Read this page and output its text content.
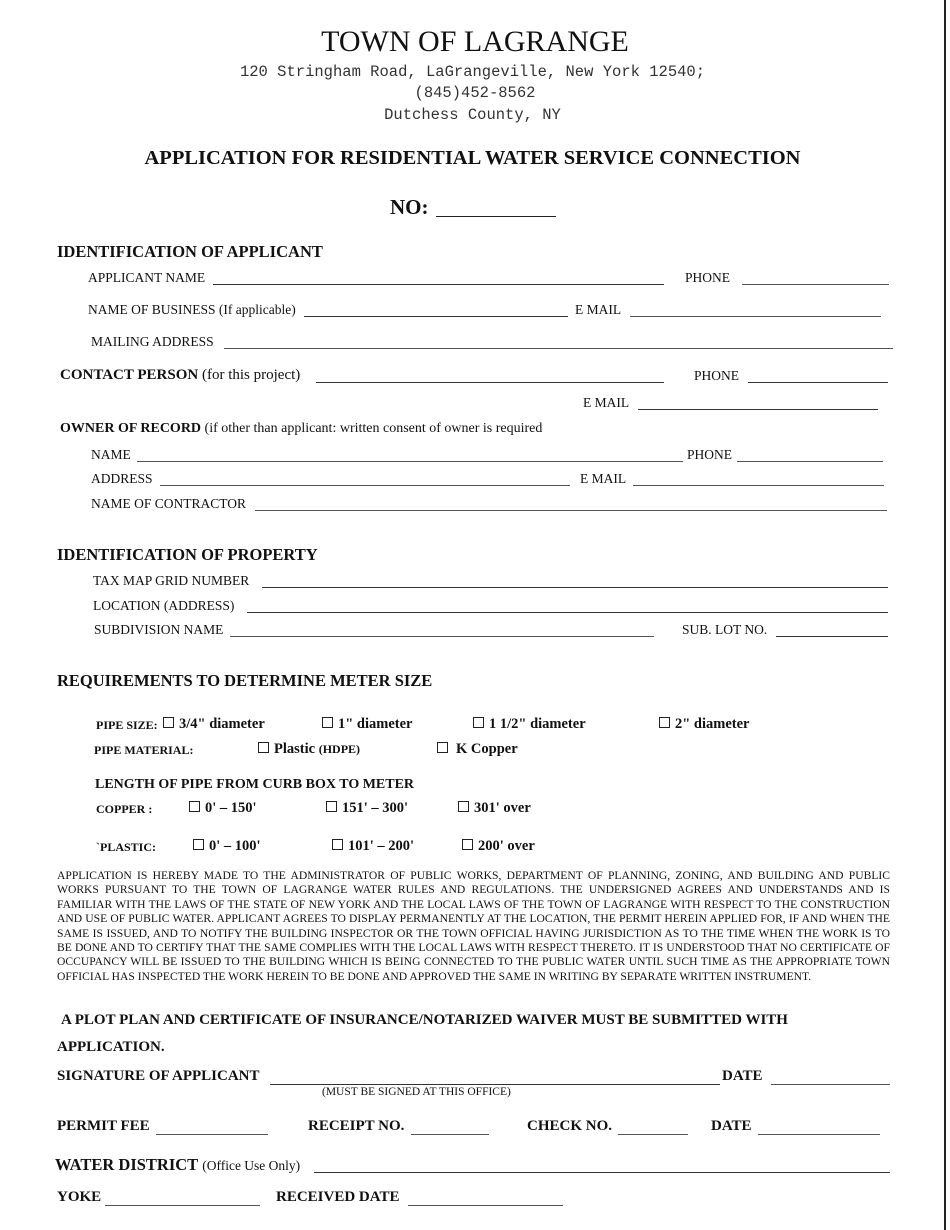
TOWN OF LAGRANGE
120 Stringham Road, LaGrangeville, New York 12540;
(845)452-8562
Dutchess County, NY
APPLICATION FOR RESIDENTIAL WATER SERVICE CONNECTION
NO:
IDENTIFICATION OF APPLICANT
APPLICANT NAME	PHONE
NAME OF BUSINESS (If applicable)	E MAIL
MAILING ADDRESS
CONTACT PERSON (for this project)	PHONE
E MAIL
OWNER OF RECORD (if other than applicant: written consent of owner is required
NAME	PHONE
ADDRESS	E MAIL
NAME OF CONTRACTOR
IDENTIFICATION OF PROPERTY
TAX MAP GRID NUMBER
LOCATION (ADDRESS)
SUBDIVISION NAME	SUB. LOT NO.
REQUIREMENTS TO DETERMINE METER SIZE
PIPE SIZE:	3/4" diameter	1" diameter	1 1/2" diameter	2" diameter
PIPE MATERIAL:	Plastic (HDPE)	K Copper
LENGTH OF PIPE FROM CURB BOX TO METER
COPPER :	0' – 150'	151' – 300'	301' over
`PLASTIC:	0' – 100'	101' – 200'	200' over
APPLICATION IS HEREBY MADE TO THE ADMINISTRATOR OF PUBLIC WORKS, DEPARTMENT OF PLANNING, ZONING, AND BUILDING AND PUBLIC WORKS PURSUANT TO THE TOWN OF LAGRANGE WATER RULES AND REGULATIONS. THE UNDERSIGNED AGREES AND UNDERSTANDS AND IS FAMILIAR WITH THE LAWS OF THE STATE OF NEW YORK AND THE LOCAL LAWS OF THE TOWN OF LAGRANGE WITH RESPECT TO THE CONSTRUCTION AND USE OF PUBLIC WATER. APPLICANT AGREES TO DISPLAY PERMANENTLY AT THE LOCATION, THE PERMIT HEREIN APPLIED FOR, IF AND WHEN THE SAME IS ISSUED, AND TO NOTIFY THE BUILDING INSPECTOR OR THE TOWN OFFICIAL HAVING JURISDICTION AS TO THE TIME WHEN THE WORK IS TO BE DONE AND TO CERTIFY THAT THE SAME COMPLIES WITH THE LOCAL LAWS WITH RESPECT THERETO. IT IS UNDERSTOOD THAT NO CERTIFICATE OF OCCUPANCY WILL BE ISSUED TO THE BUILDING WHICH IS BEING CONNECTED TO THE PUBLIC WATER UNTIL SUCH TIME AS THE APPROPRIATE TOWN OFFICIAL HAS INSPECTED THE WORK HEREIN TO BE DONE AND APPROVED THE SAME IN WRITING BY SEPARATE WRITTEN INSTRUMENT.
A PLOT PLAN AND CERTIFICATE OF INSURANCE/NOTARIZED WAIVER MUST BE SUBMITTED WITH
APPLICATION.
SIGNATURE OF APPLICANT
(MUST BE SIGNED AT THIS OFFICE)
DATE
PERMIT FEE	RECEIPT NO.	CHECK NO.	DATE
WATER DISTRICT (Office Use Only)
YOKE	RECEIVED DATE
